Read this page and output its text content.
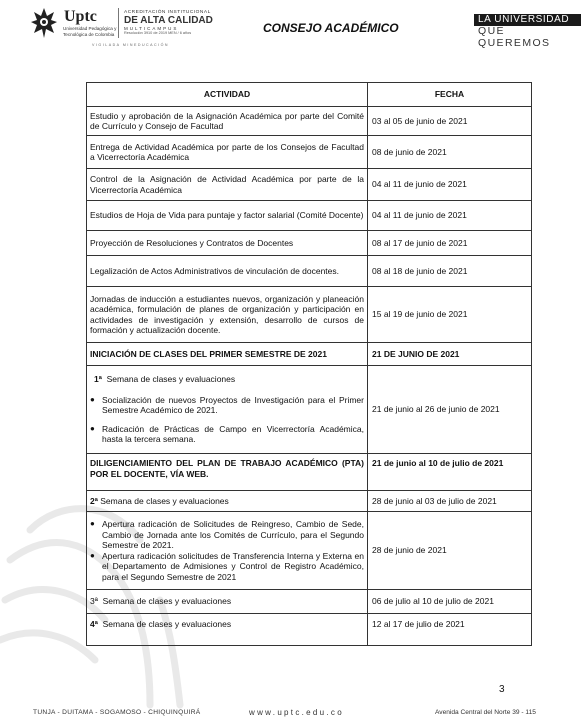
Uptc
Universidad Pedagógica y
Tecnológica de Colombia
ACREDITACIÓN INSTITUCIONAL
DE ALTA CALIDAD
MULTICAMPUS
Resolución 3910 de 2019 MEN / 6 años
VIGILADA MINEDUCACIÓN
CONSEJO ACADÉMICO
LA UNIVERSIDAD
QUE QUEREMOS
ACTIVIDAD	FECHA
Estudio y aprobación de la Asignación Académica por parte del Comité de Currículo y Consejo de Facultad	03 al 05 de junio de 2021
Entrega de Actividad Académica por parte de los Consejos de Facultad a Vicerrectoría Académica	08 de junio de 2021
Control de la Asignación de Actividad Académica por parte de la Vicerrectoría Académica	04 al 11 de junio de 2021
Estudios de Hoja de Vida para puntaje y factor salarial (Comité Docente)	04 al 11 de junio de 2021
Proyección de Resoluciones y Contratos de Docentes	08 al 17 de junio de 2021
Legalización de Actos Administrativos de vinculación de docentes.	08 al 18 de junio de 2021
Jornadas de inducción a estudiantes nuevos, organización y planeación académica, formulación de planes de organización y participación en actividades de investigación y extensión, desarrollo de cursos de formación y actualización docente.	15 al 19 de junio de 2021
INICIACIÓN DE CLASES DEL PRIMER SEMESTRE DE 2021	21 DE JUNIO DE 2021

1ª Semana de clases y evaluaciones
● Socialización de nuevos Proyectos de Investigación para el Primer Semestre Académico de 2021.
● Radicación de Prácticas de Campo en Vicerrectoría Académica, hasta la tercera semana.	21 de junio al 26 de junio de 2021
DILIGENCIAMIENTO DEL PLAN DE TRABAJO ACADÉMICO (PTA) POR EL DOCENTE, VÍA WEB.	21 de junio al 10 de julio de 2021
2ª Semana de clases y evaluaciones	28 de junio al 03 de julio de 2021

● Apertura radicación de Solicitudes de Reingreso, Cambio de Sede, Cambio de Jornada ante los Comités de Currículo, para el Segundo Semestre de 2021.
● Apertura radicación solicitudes de Transferencia Interna y Externa en el Departamento de Admisiones y Control de Registro Académico, para el Segundo Semestre de 2021	28 de junio de 2021
3ª Semana de clases y evaluaciones	06 de julio al 10 de julio de 2021
4ª Semana de clases y evaluaciones	12 al 17 de julio de 2021
3
TUNJA - DUITAMA - SOGAMOSO - CHIQUINQUIRÁ	www.uptc.edu.co	Avenida Central del Norte 39 - 115
